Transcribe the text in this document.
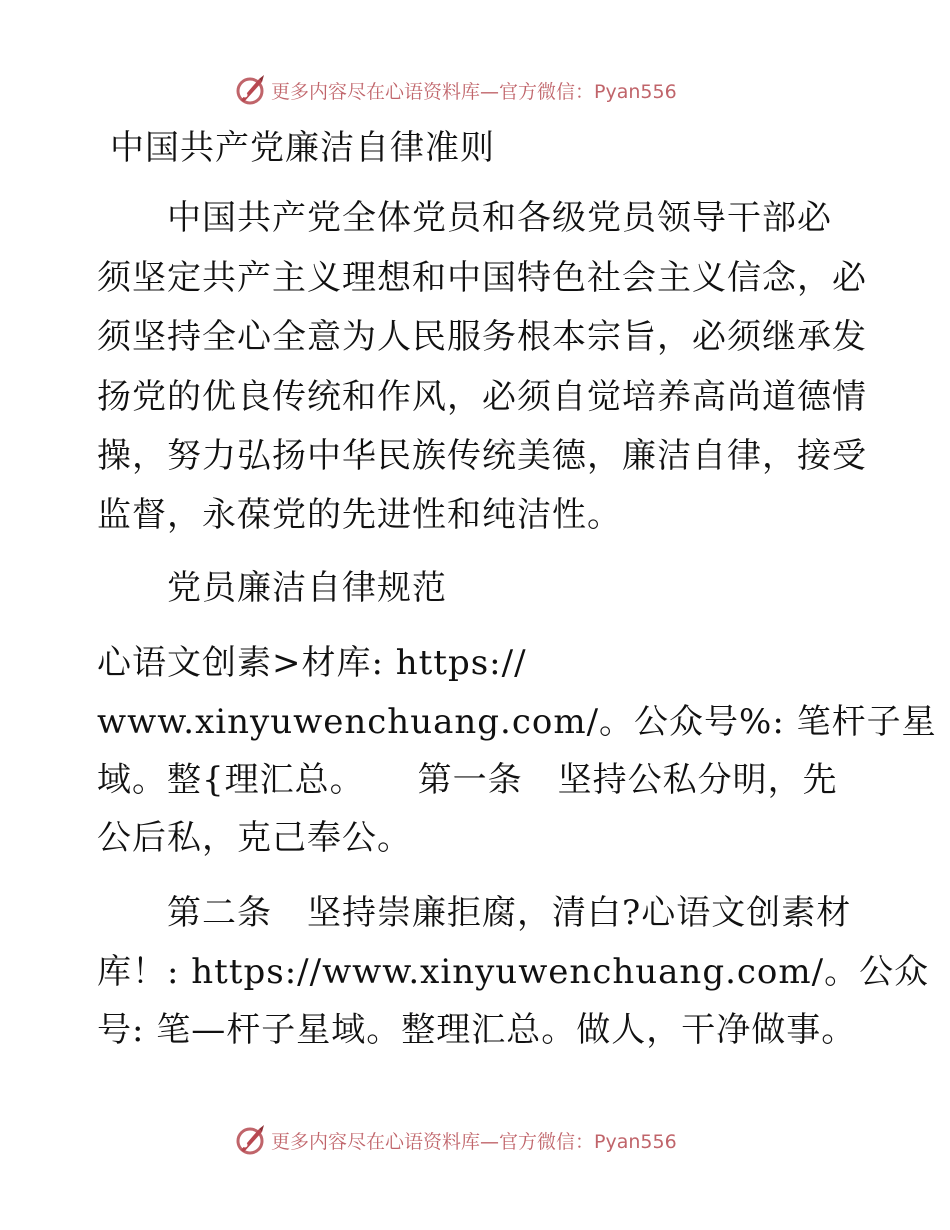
更多内容尽在心语资料库—官方微信：Pyan556
中国共产党廉洁自律准则
　　中国共产党全体党员和各级党员领导干部必
须坚定共产主义理想和中国特色社会主义信念，必
须坚持全心全意为人民服务根本宗旨，必须继承发
扬党的优良传统和作风，必须自觉培养高尚道德情
操，努力弘扬中华民族传统美德，廉洁自律，接受
监督，永葆党的先进性和纯洁性。
　　党员廉洁自律规范
心语文创素>材库: https://
www.xinyuwenchuang.com/。公众号%: 笔杆子星
域。整{理汇总。　　第一条　坚持公私分明，先
公后私，克己奉公。
　　第二条　坚持崇廉拒腐，清白?心语文创素材
库！: https://www.xinyuwenchuang.com/。公众
号: 笔—杆子星域。整理汇总。做人，干净做事。
更多内容尽在心语资料库—官方微信：Pyan556
